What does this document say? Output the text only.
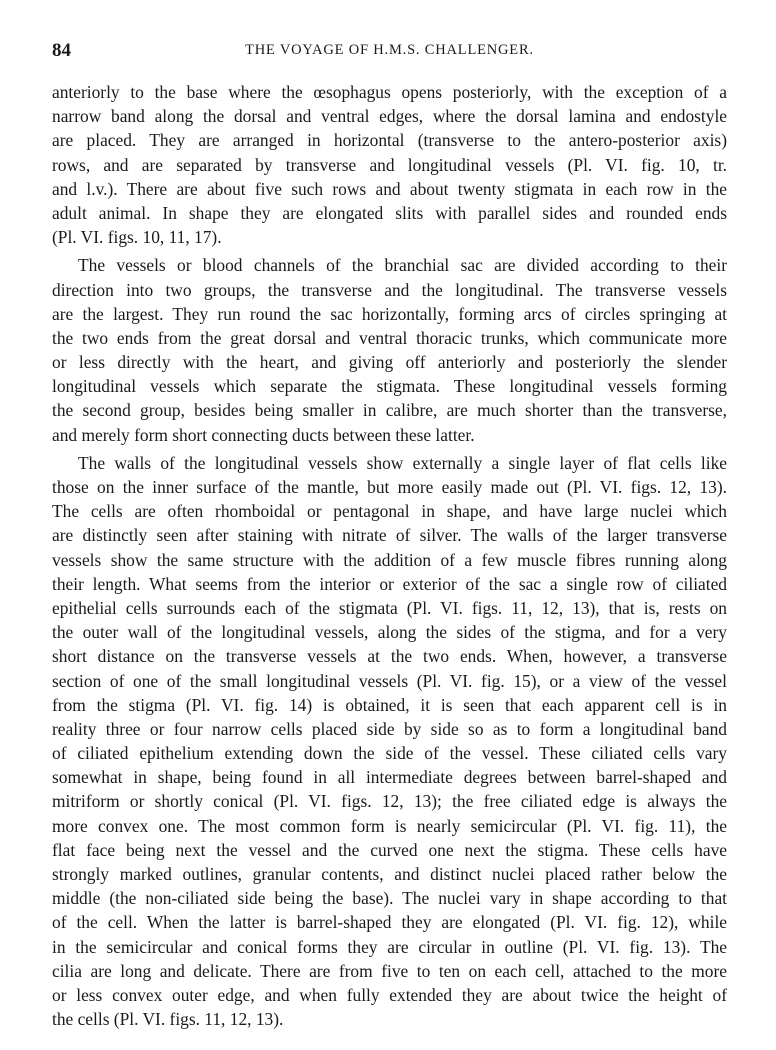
84	THE VOYAGE OF H.M.S. CHALLENGER.
anteriorly to the base where the œsophagus opens posteriorly, with the exception of a
narrow band along the dorsal and ventral edges, where the dorsal lamina and endostyle
are placed. They are arranged in horizontal (transverse to the antero-posterior axis)
rows, and are separated by transverse and longitudinal vessels (Pl. VI. fig. 10, tr.
and l.v.). There are about five such rows and about twenty stigmata in each row in the
adult animal. In shape they are elongated slits with parallel sides and rounded ends
(Pl. VI. figs. 10, 11, 17).
The vessels or blood channels of the branchial sac are divided according to their
direction into two groups, the transverse and the longitudinal. The transverse vessels
are the largest. They run round the sac horizontally, forming arcs of circles springing at
the two ends from the great dorsal and ventral thoracic trunks, which communicate more
or less directly with the heart, and giving off anteriorly and posteriorly the slender
longitudinal vessels which separate the stigmata. These longitudinal vessels forming
the second group, besides being smaller in calibre, are much shorter than the transverse,
and merely form short connecting ducts between these latter.
The walls of the longitudinal vessels show externally a single layer of flat cells like
those on the inner surface of the mantle, but more easily made out (Pl. VI. figs. 12, 13).
The cells are often rhomboidal or pentagonal in shape, and have large nuclei which
are distinctly seen after staining with nitrate of silver. The walls of the larger transverse
vessels show the same structure with the addition of a few muscle fibres running along
their length. What seems from the interior or exterior of the sac a single row of ciliated
epithelial cells surrounds each of the stigmata (Pl. VI. figs. 11, 12, 13), that is, rests on
the outer wall of the longitudinal vessels, along the sides of the stigma, and for a very
short distance on the transverse vessels at the two ends. When, however, a transverse
section of one of the small longitudinal vessels (Pl. VI. fig. 15), or a view of the vessel
from the stigma (Pl. VI. fig. 14) is obtained, it is seen that each apparent cell is in
reality three or four narrow cells placed side by side so as to form a longitudinal band
of ciliated epithelium extending down the side of the vessel. These ciliated cells vary
somewhat in shape, being found in all intermediate degrees between barrel-shaped and
mitriform or shortly conical (Pl. VI. figs. 12, 13); the free ciliated edge is always the
more convex one. The most common form is nearly semicircular (Pl. VI. fig. 11), the
flat face being next the vessel and the curved one next the stigma. These cells have
strongly marked outlines, granular contents, and distinct nuclei placed rather below the
middle (the non-ciliated side being the base). The nuclei vary in shape according to that
of the cell. When the latter is barrel-shaped they are elongated (Pl. VI. fig. 12), while
in the semicircular and conical forms they are circular in outline (Pl. VI. fig. 13). The
cilia are long and delicate. There are from five to ten on each cell, attached to the more
or less convex outer edge, and when fully extended they are about twice the height of
the cells (Pl. VI. figs. 11, 12, 13).
